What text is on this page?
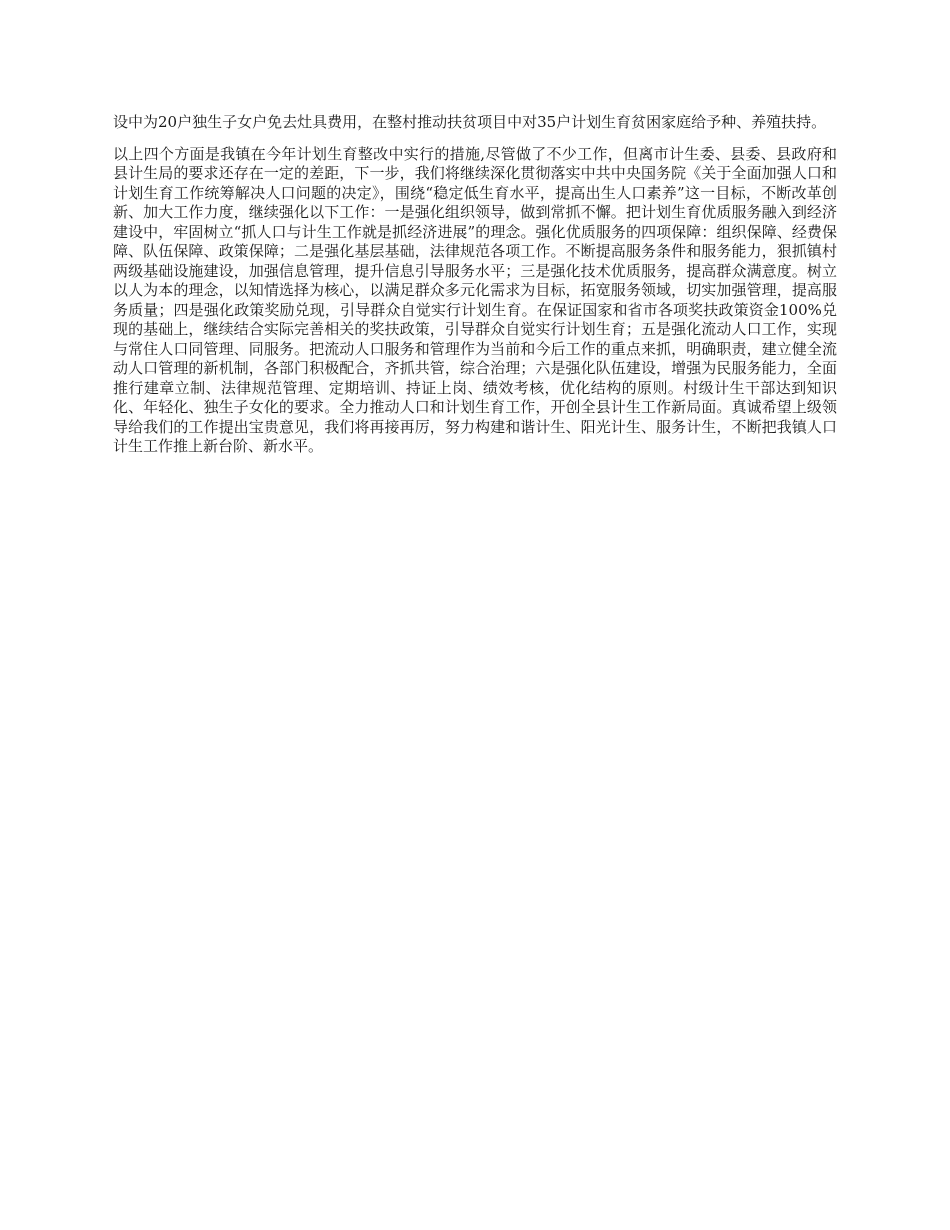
设中为20户独生子女户免去灶具费用，在整村推动扶贫项目中对35户计划生育贫困家庭给予种、养殖扶持。

以上四个方面是我镇在今年计划生育整改中实行的措施,尽管做了不少工作，但离市计生委、县委、县政府和县计生局的要求还存在一定的差距，下一步，我们将继续深化贯彻落实中共中央国务院《关于全面加强人口和计划生育工作统筹解决人口问题的决定》，围绕“稳定低生育水平，提高出生人口素养”这一目标，不断改革创新、加大工作力度，继续强化以下工作：一是强化组织领导，做到常抓不懈。把计划生育优质服务融入到经济建设中，牢固树立“抓人口与计生工作就是抓经济进展”的理念。强化优质服务的四项保障：组织保障、经费保障、队伍保障、政策保障；二是强化基层基础，法律规范各项工作。不断提高服务条件和服务能力，狠抓镇村两级基础设施建设，加强信息管理，提升信息引导服务水平；三是强化技术优质服务，提高群众满意度。树立以人为本的理念，以知情选择为核心，以满足群众多元化需求为目标，拓宽服务领域，切实加强管理，提高服务质量；四是强化政策奖励兑现，引导群众自觉实行计划生育。在保证国家和省市各项奖扶政策资金100%兑现的基础上，继续结合实际完善相关的奖扶政策，引导群众自觉实行计划生育；五是强化流动人口工作，实现与常住人口同管理、同服务。把流动人口服务和管理作为当前和今后工作的重点来抓，明确职责，建立健全流动人口管理的新机制，各部门积极配合，齐抓共管，综合治理；六是强化队伍建设，增强为民服务能力，全面推行建章立制、法律规范管理、定期培训、持证上岗、绩效考核，优化结构的原则。村级计生干部达到知识化、年轻化、独生子女化的要求。全力推动人口和计划生育工作，开创全县计生工作新局面。真诚希望上级领导给我们的工作提出宝贵意见，我们将再接再厉，努力构建和谐计生、阳光计生、服务计生，不断把我镇人口计生工作推上新台阶、新水平。
